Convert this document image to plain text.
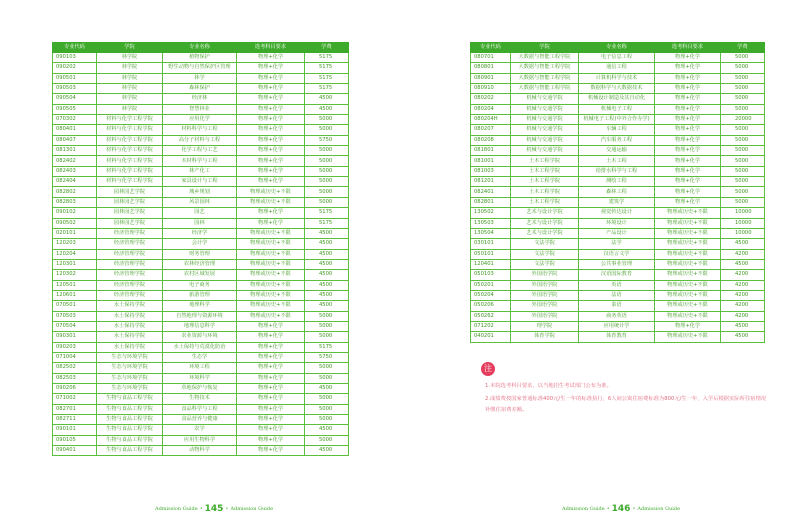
专业代码	学院	专业名称	选考科目要求	学费
090103	林学院	植物保护	物理+化学	5175
090202	林学院	野生动物与自然保护区管理	物理+化学	5175
090501	林学院	林学	物理+化学	5175
090503	林学院	森林保护	物理+化学	5175
090504	林学院	经济林	物理+化学	4500
090505	林学院	智慧林业	物理+化学	4500
070302	材料与化学工程学院	应用化学	物理+化学	5000
080401	材料与化学工程学院	材料科学与工程	物理+化学	5000
080407	材料与化学工程学院	高分子材料与工程	物理+化学	5750
081301	材料与化学工程学院	化学工程与工艺	物理+化学	5000
082402	材料与化学工程学院	木材科学与工程	物理+化学	5000
082403	材料与化学工程学院	林产化工	物理+化学	5000
082404	材料与化学工程学院	家具设计与工程	物理+化学	5000
082802	园林园艺学院	城乡规划	物理或历史+不限	5000
082803	园林园艺学院	风景园林	物理或历史+不限	5000
090102	园林园艺学院	园艺	物理+化学	5175
090502	园林园艺学院	园林	物理+化学	5175
020101	经济管理学院	经济学	物理或历史+不限	4500
120203	经济管理学院	会计学	物理或历史+不限	4500
120204	经济管理学院	财务管理	物理或历史+不限	4500
120301	经济管理学院	农林经济管理	物理或历史+不限	4500
120302	经济管理学院	农村区域发展	物理或历史+不限	4500
120501	经济管理学院	电子商务	物理或历史+不限	4500
120601	经济管理学院	旅游管理	物理或历史+不限	4500
070501	水土保持学院	地理科学	物理或历史+不限	4500
070503	水土保持学院	自然地理与资源环境	物理或历史+不限	5000
070504	水土保持学院	地理信息科学	物理+化学	5000
090301	水土保持学院	农业资源与环境	物理+化学	5000
090203	水土保持学院	水土保持与荒漠化防治	物理+化学	5175
071004	生态与环境学院	生态学	物理+化学	5750
082502	生态与环境学院	环境工程	物理+化学	5000
082503	生态与环境学院	环境科学	物理+化学	5000
090206	生态与环境学院	草地保护与恢复	物理+化学	4500
071002	生物与食品工程学院	生物技术	物理+化学	5000
082701	生物与食品工程学院	食品科学与工程	物理+化学	5000
082711	生物与食品工程学院	食品营养与健康	物理+化学	5000
090101	生物与食品工程学院	农学	物理+化学	4500
090105	生物与食品工程学院	应用生物科学	物理+化学	5000
090401	生物与食品工程学院	动物科学	物理+化学	4500
Admission Guide • 145 • Admission Guide
专业代码	学院	专业名称	选考科目要求	学费
080701	大数据与智能工程学院	电子信息工程	物理+化学	5000
080801	大数据与智能工程学院	通信工程	物理+化学	5000
080901	大数据与智能工程学院	计算机科学与技术	物理+化学	5000
080910	大数据与智能工程学院	数据科学与大数据技术	物理+化学	5000
080202	机械与交通学院	机械设计制造及其自动化	物理+化学	5000
080204	机械与交通学院	机械电子工程	物理+化学	5000
080204H	机械与交通学院	机械电子工程(中外合作办学)	物理+化学	20000
080207	机械与交通学院	车辆工程	物理+化学	5000
080208	机械与交通学院	汽车服务工程	物理+化学	5000
081801	机械与交通学院	交通运输	物理+化学	5000
081001	土木工程学院	土木工程	物理+化学	5000
081003	土木工程学院	给排水科学与工程	物理+化学	5000
081201	土木工程学院	测绘工程	物理+化学	5000
082401	土木工程学院	森林工程	物理+化学	5000
082801	土木工程学院	建筑学	物理+化学	5000
130502	艺术与设计学院	视觉传达设计	物理或历史+不限	10000
130503	艺术与设计学院	环境设计	物理或历史+不限	10000
130504	艺术与设计学院	产品设计	物理或历史+不限	10000
030101	文法学院	法学	物理或历史+不限	4500
050101	文法学院	汉语言文学	物理或历史+不限	4200
120401	文法学院	公共事业管理	物理或历史+不限	4500
050103	外国语学院	汉语国际教育	物理或历史+不限	4200
050201	外国语学院	英语	物理或历史+不限	4200
050204	外国语学院	法语	物理或历史+不限	4200
050206	外国语学院	泰语	物理或历史+不限	4200
050262	外国语学院	商务英语	物理或历史+不限	4200
071202	理学院	应用统计学	物理+化学	4500
040201	体育学院	体育教育	物理或历史+不限	4500
注
1.本院选考科目要求，以当地招生考试部门公布为准。
2.成绩费按国家普通标准400元/生一年的标准执行，6人间公寓住宿费标准为800元/生一年，入学后根据实际所住宿情况补缴住宿费差额。
Admission Guide • 146 • Admission Guide
